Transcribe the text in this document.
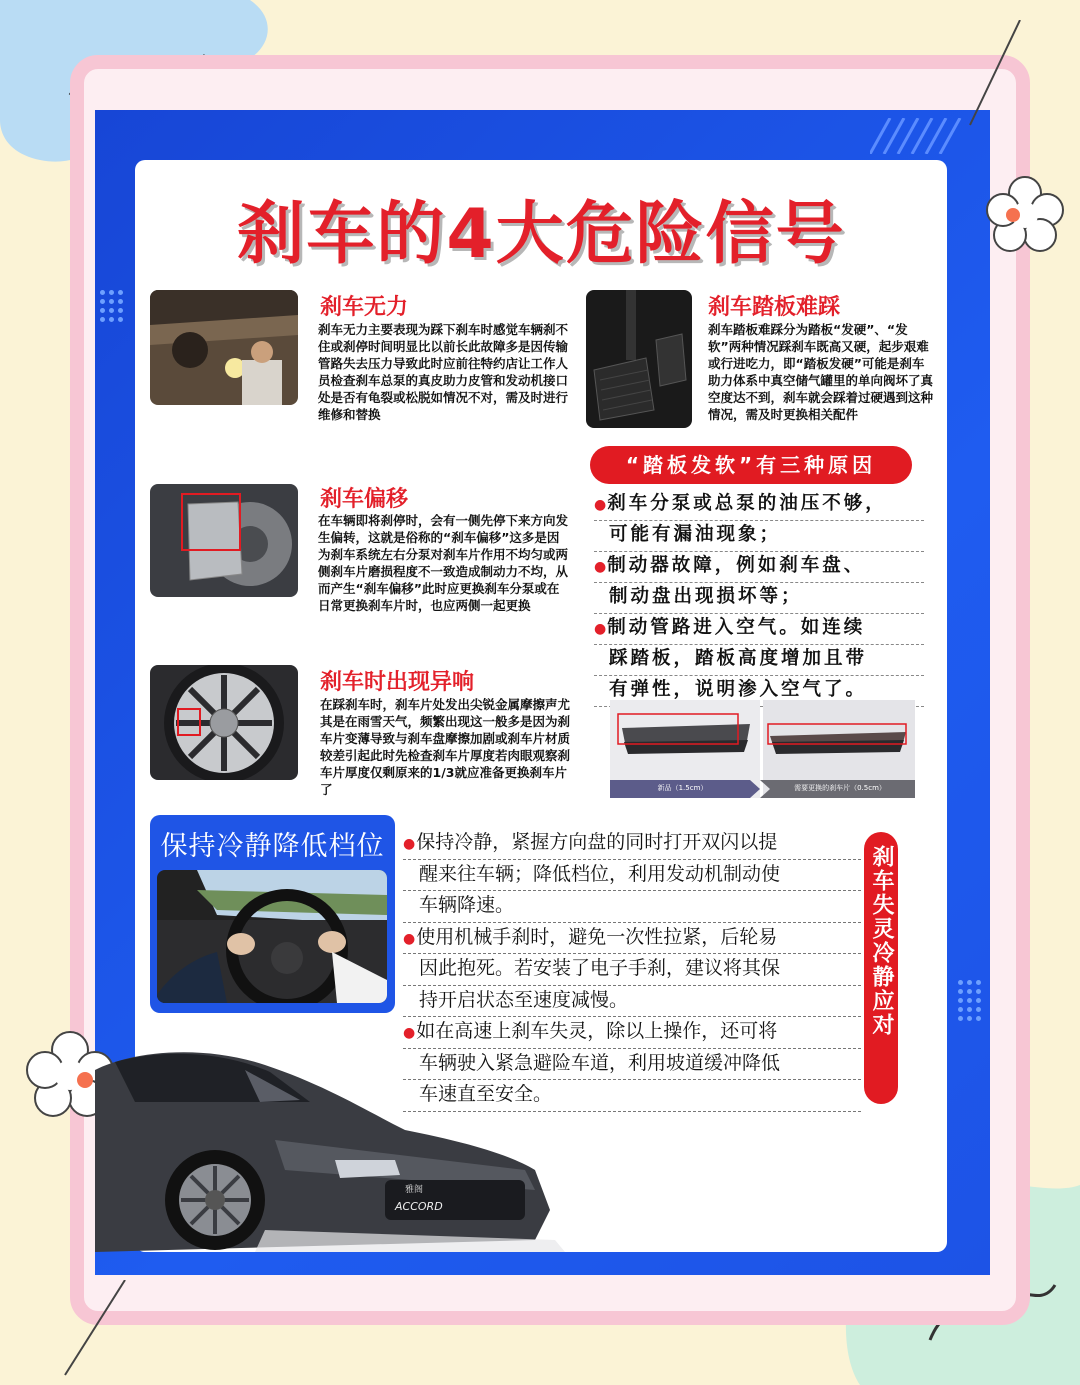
刹车的4大危险信号
刹车无力
刹车无力主要表现为踩下刹车时感觉车辆刹不住或刹停时间明显比以前长此故障多是因传输管路失去压力导致此时应前往特约店让工作人员检查刹车总泵的真皮助力皮管和发动机接口处是否有龟裂或松脱如情况不对，需及时进行维修和替换
刹车踏板难踩
刹车踏板难踩分为踏板“发硬”、“发软”两种情况踩刹车既高又硬，起步艰难或行进吃力，即“踏板发硬”可能是刹车助力体系中真空储气罐里的单向阀坏了真空度达不到，刹车就会踩着过硬遇到这种情况，需及时更换相关配件
刹车偏移
在车辆即将刹停时，会有一侧先停下来方向发生偏转，这就是俗称的“刹车偏移”这多是因为刹车系统左右分泵对刹车片作用不均匀或两侧刹车片磨损程度不一致造成制动力不均，从而产生“刹车偏移”此时应更换刹车分泵或在日常更换刹车片时，也应两侧一起更换
刹车时出现异响
在踩刹车时，刹车片处发出尖锐金属摩擦声尤其是在雨雪天气，频繁出现这一般多是因为刹车片变薄导致与刹车盘摩擦加剧或刹车片材质较差引起此时先检查刹车片厚度若肉眼观察刹车片厚度仅剩原来的1/3就应准备更换刹车片了
“踏板发软”有三种原因
●刹车分泵或总泵的油压不够，
可能有漏油现象；
●制动器故障，例如刹车盘、
制动盘出现损坏等；
●制动管路进入空气。如连续
踩踏板，踏板高度增加且带
有弹性，说明渗入空气了。
新品（1.5cm）	需要更换的刹车片（0.5cm）
保持冷静降低档位	●保持冷静，紧握方向盘的同时打开双闪以提
醒来往车辆；降低档位，利用发动机制动使
车辆降速。
●使用机械手刹时，避免一次性拉紧，后轮易
因此抱死。若安装了电子手刹，建议将其保
持开启状态至速度减慢。
●如在高速上刹车失灵，除以上操作，还可将
车辆驶入紧急避险车道，利用坡道缓冲降低
车速直至安全。
刹车失灵冷静应对
雅阁
ACCORD
